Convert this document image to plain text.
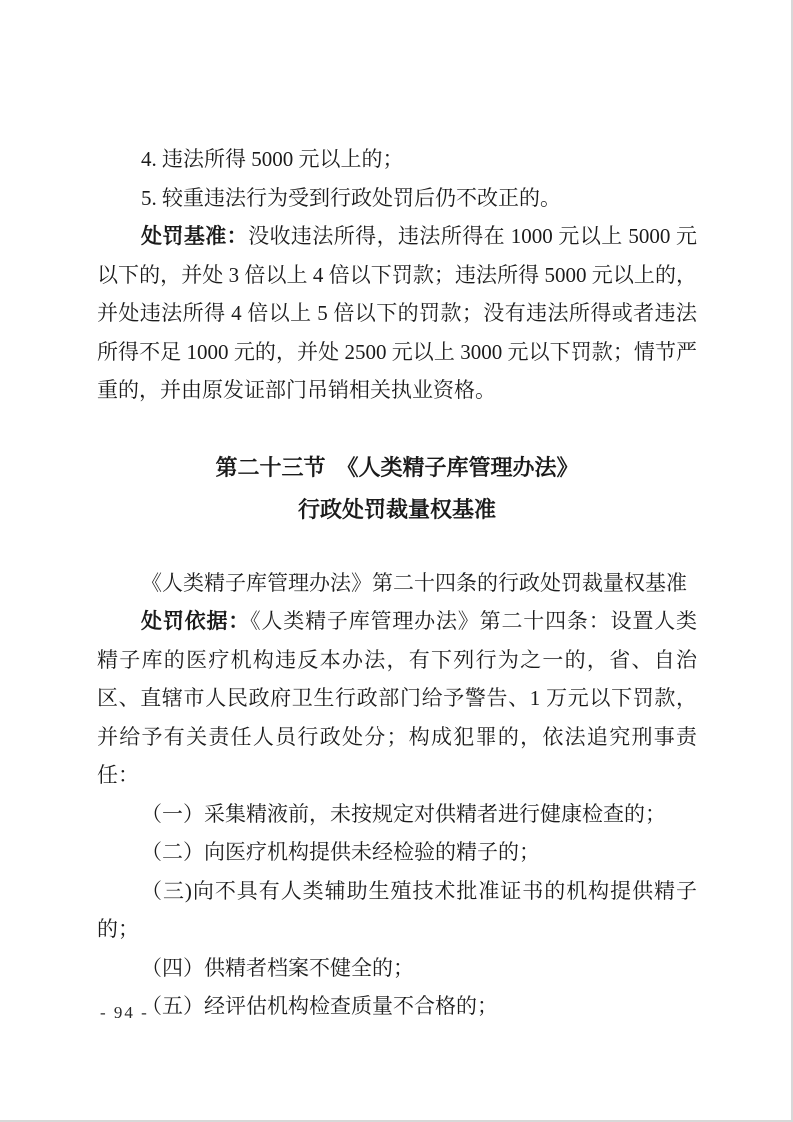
4. 违法所得 5000 元以上的；

5. 较重违法行为受到行政处罚后仍不改正的。

处罚基准：没收违法所得，违法所得在 1000 元以上 5000 元以下的，并处 3 倍以上 4 倍以下罚款；违法所得 5000 元以上的，并处违法所得 4 倍以上 5 倍以下的罚款；没有违法所得或者违法所得不足 1000 元的，并处 2500 元以上 3000 元以下罚款；情节严重的，并由原发证部门吊销相关执业资格。

第二十三节　《人类精子库管理办法》
行政处罚裁量权基准

《人类精子库管理办法》第二十四条的行政处罚裁量权基准

处罚依据：《人类精子库管理办法》第二十四条：设置人类精子库的医疗机构违反本办法，有下列行为之一的，省、自治区、直辖市人民政府卫生行政部门给予警告、1 万元以下罚款，并给予有关责任人员行政处分；构成犯罪的，依法追究刑事责任：

（一）采集精液前，未按规定对供精者进行健康检查的；

（二）向医疗机构提供未经检验的精子的；

（三)向不具有人类辅助生殖技术批准证书的机构提供精子的；

（四）供精者档案不健全的；

（五）经评估机构检查质量不合格的；

- 94 -
